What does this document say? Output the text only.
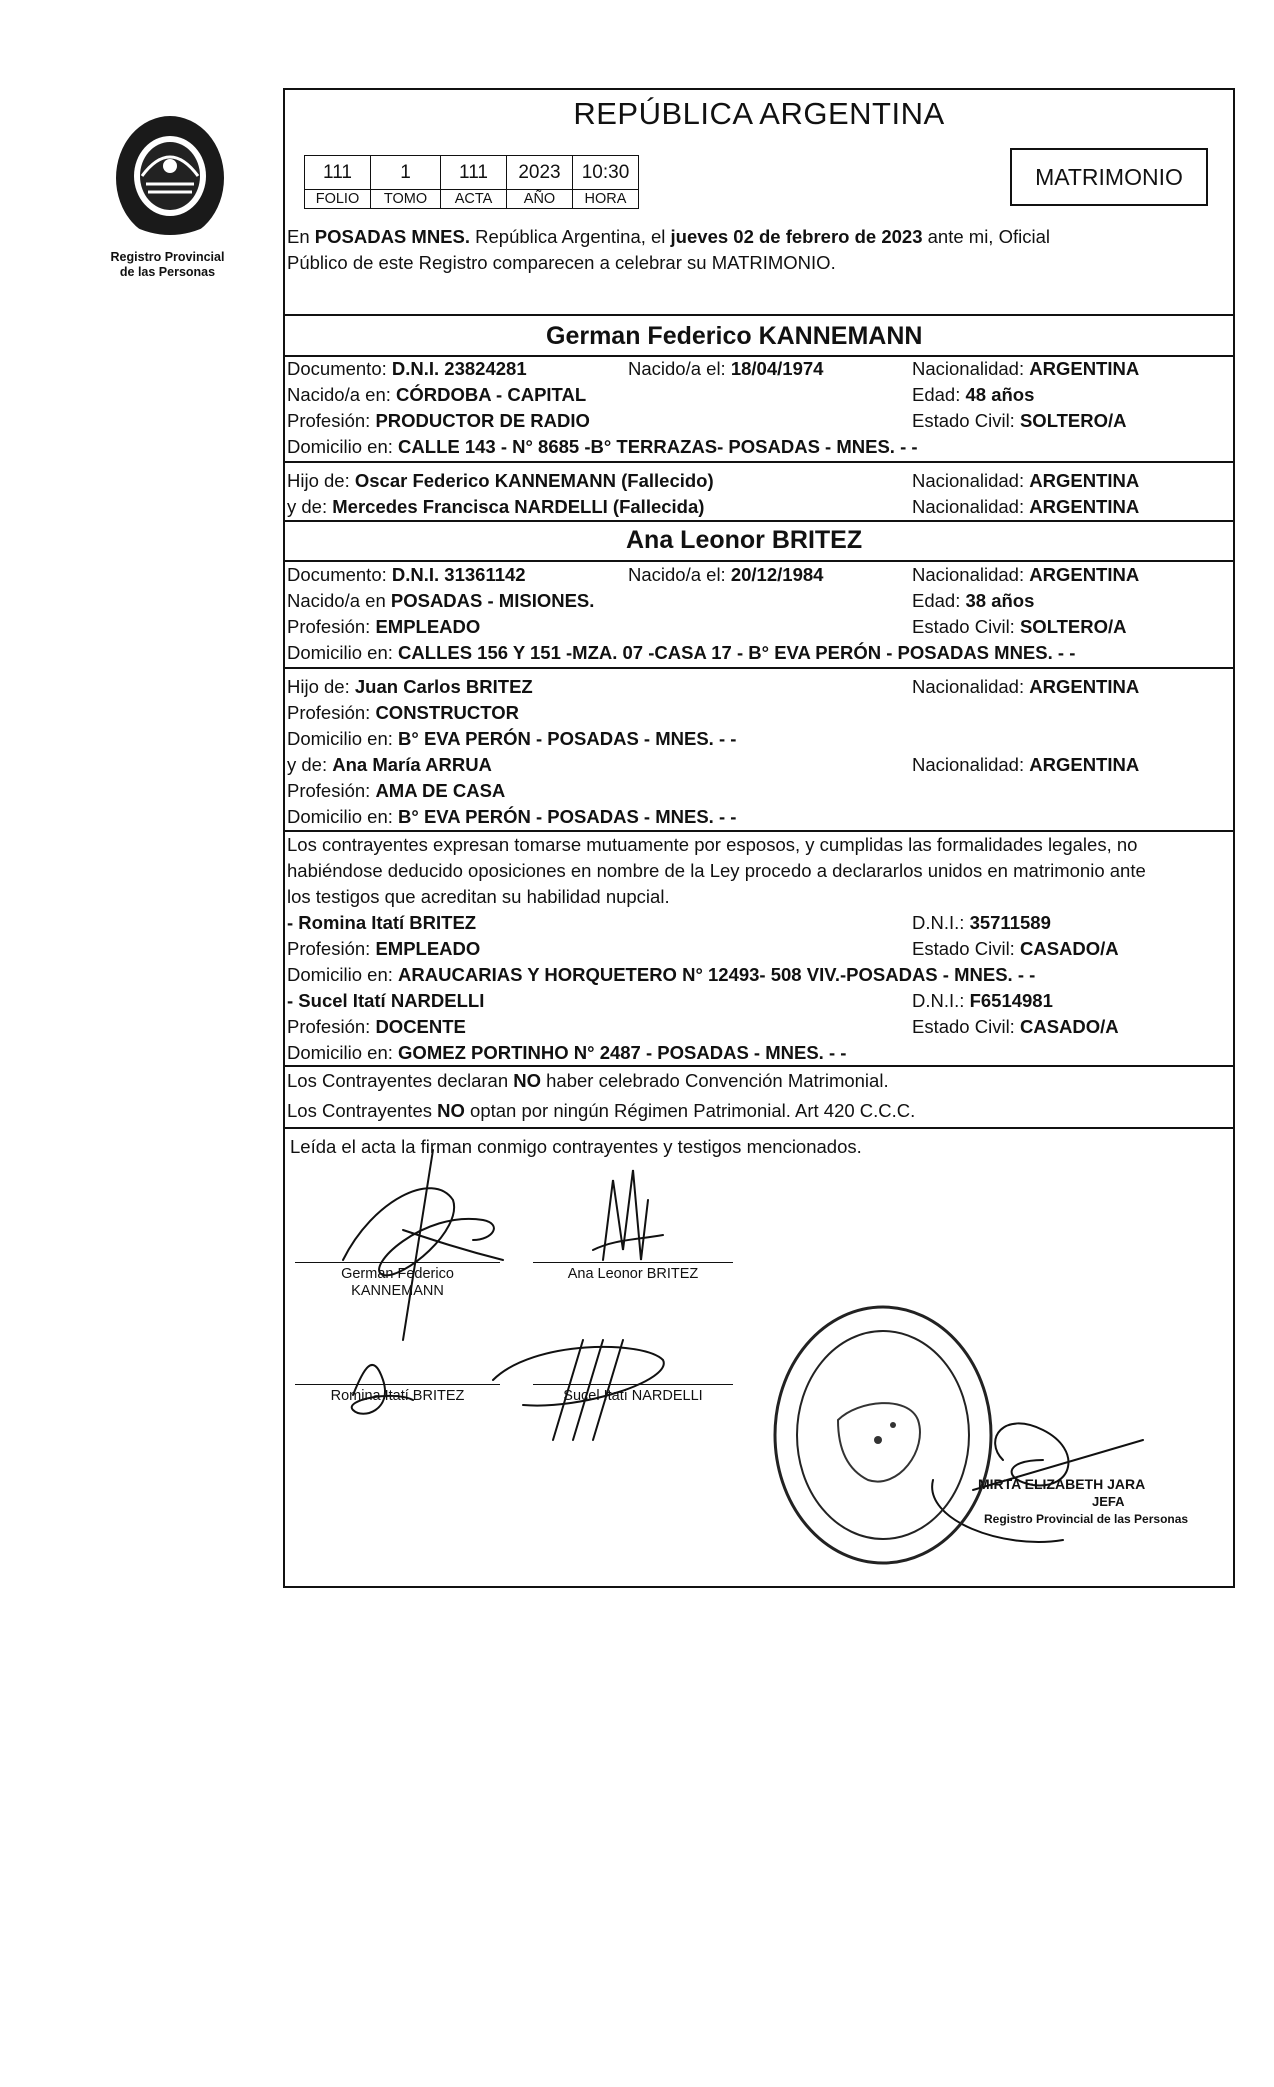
Registro Provincial
de las Personas
REPÚBLICA ARGENTINA
111	1	111	2023	10:30
FOLIO	TOMO	ACTA	AÑO	HORA
MATRIMONIO
En POSADAS MNES. República Argentina, el jueves 02 de febrero de 2023 ante mi, Oficial
Público de este Registro comparecen a celebrar su MATRIMONIO.
German Federico KANNEMANN
Documento: D.N.I. 23824281	Nacido/a el: 18/04/1974	Nacionalidad: ARGENTINA
Nacido/a en: CÓRDOBA - CAPITAL	Edad: 48 años
Profesión: PRODUCTOR DE RADIO	Estado Civil: SOLTERO/A
Domicilio en: CALLE 143 - N° 8685 -B° TERRAZAS- POSADAS - MNES. - -
Hijo de: Oscar Federico KANNEMANN (Fallecido)	Nacionalidad: ARGENTINA
y de: Mercedes Francisca NARDELLI (Fallecida)	Nacionalidad: ARGENTINA
Ana Leonor BRITEZ
Documento: D.N.I. 31361142	Nacido/a el: 20/12/1984	Nacionalidad: ARGENTINA
Nacido/a en POSADAS - MISIONES.	Edad: 38 años
Profesión: EMPLEADO	Estado Civil: SOLTERO/A
Domicilio en: CALLES 156 Y 151 -MZA. 07 -CASA 17 - B° EVA PERÓN - POSADAS MNES. - -
Hijo de: Juan Carlos BRITEZ	Nacionalidad: ARGENTINA
Profesión: CONSTRUCTOR
Domicilio en: B° EVA PERÓN - POSADAS - MNES. - -
y de: Ana María ARRUA	Nacionalidad: ARGENTINA
Profesión: AMA DE CASA
Domicilio en: B° EVA PERÓN - POSADAS - MNES. - -
Los contrayentes expresan tomarse mutuamente por esposos, y cumplidas las formalidades legales, no
habiéndose deducido oposiciones en nombre de la Ley procedo a declararlos unidos en matrimonio ante
los testigos que acreditan su habilidad nupcial.
- Romina Itatí BRITEZ	D.N.I.: 35711589
Profesión: EMPLEADO	Estado Civil: CASADO/A
Domicilio en: ARAUCARIAS Y HORQUETERO N° 12493- 508 VIV.-POSADAS - MNES. - -
- Sucel Itatí NARDELLI	D.N.I.: F6514981
Profesión: DOCENTE	Estado Civil: CASADO/A
Domicilio en: GOMEZ PORTINHO N° 2487 - POSADAS - MNES. - -
Los Contrayentes declaran NO haber celebrado Convención Matrimonial.
Los Contrayentes NO optan por ningún Régimen Patrimonial. Art 420 C.C.C.
Leída el acta la firman conmigo contrayentes y testigos mencionados.
German Federico
KANNEMANN
Ana Leonor BRITEZ
Romina Itatí BRITEZ	Sucel Itatí NARDELLI
MIRTA ELIZABETH JARA
JEFA
Registro Provincial de las Personas
